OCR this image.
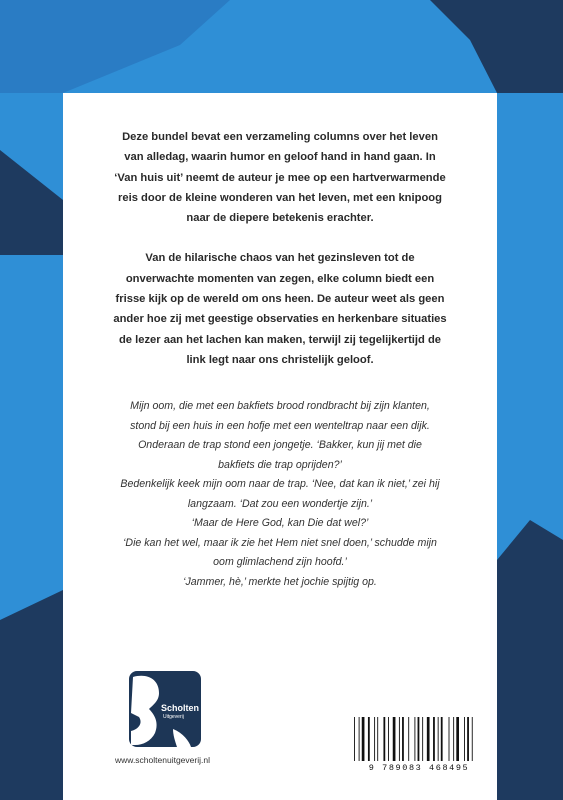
Deze bundel bevat een verzameling columns over het leven
van alledag, waarin humor en geloof hand in hand gaan. In
‘Van huis uit’ neemt de auteur je mee op een hartverwarmende
reis door de kleine wonderen van het leven, met een knipoog
naar de diepere betekenis erachter.

Van de hilarische chaos van het gezinsleven tot de
onverwachte momenten van zegen, elke column biedt een
frisse kijk op de wereld om ons heen. De auteur weet als geen
ander hoe zij met geestige observaties en herkenbare situaties
de lezer aan het lachen kan maken, terwijl zij tegelijkertijd de
link legt naar ons christelijk geloof.

Mijn oom, die met een bakfiets brood rondbracht bij zijn klanten,
stond bij een huis in een hofje met een wenteltrap naar een dijk.
Onderaan de trap stond een jongetje. ‘Bakker, kun jij met die
bakfiets die trap oprijden?’
Bedenkelijk keek mijn oom naar de trap. ‘Nee, dat kan ik niet,’ zei hij
langzaam. ‘Dat zou een wondertje zijn.’
‘Maar de Here God, kan Die dat wel?’
‘Die kan het wel, maar ik zie het Hem niet snel doen,’ schudde mijn
oom glimlachend zijn hoofd.’
‘Jammer, hè,’ merkte het jochie spijtig op.
Scholten
Uitgeverij
www.scholtenuitgeverij.nl
9 789083 468495
